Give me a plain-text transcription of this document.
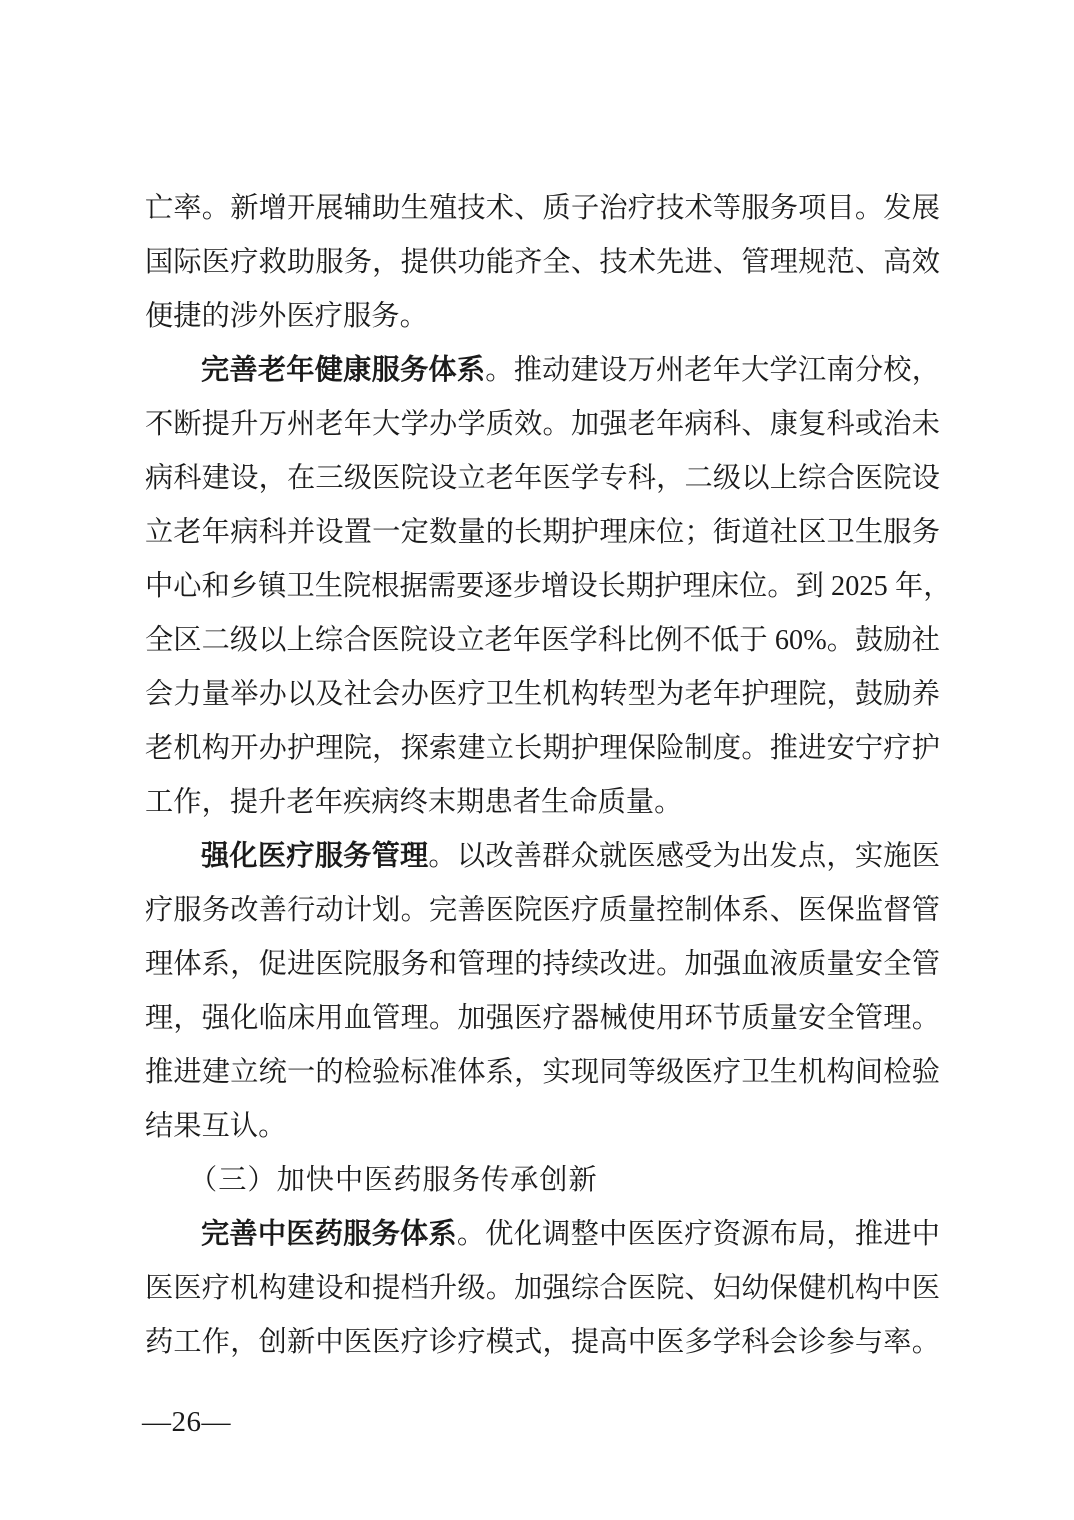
亡率。新增开展辅助生殖技术、质子治疗技术等服务项目。发展
国际医疗救助服务，提供功能齐全、技术先进、管理规范、高效
便捷的涉外医疗服务。
完善老年健康服务体系。推动建设万州老年大学江南分校，
不断提升万州老年大学办学质效。加强老年病科、康复科或治未
病科建设，在三级医院设立老年医学专科，二级以上综合医院设
立老年病科并设置一定数量的长期护理床位；街道社区卫生服务
中心和乡镇卫生院根据需要逐步增设长期护理床位。到 2025 年，
全区二级以上综合医院设立老年医学科比例不低于 60%。鼓励社
会力量举办以及社会办医疗卫生机构转型为老年护理院，鼓励养
老机构开办护理院，探索建立长期护理保险制度。推进安宁疗护
工作，提升老年疾病终末期患者生命质量。
强化医疗服务管理。以改善群众就医感受为出发点，实施医
疗服务改善行动计划。完善医院医疗质量控制体系、医保监督管
理体系，促进医院服务和管理的持续改进。加强血液质量安全管
理，强化临床用血管理。加强医疗器械使用环节质量安全管理。
推进建立统一的检验标准体系，实现同等级医疗卫生机构间检验
结果互认。
（三）加快中医药服务传承创新
完善中医药服务体系。优化调整中医医疗资源布局，推进中
医医疗机构建设和提档升级。加强综合医院、妇幼保健机构中医
药工作，创新中医医疗诊疗模式，提高中医多学科会诊参与率。
—26—
